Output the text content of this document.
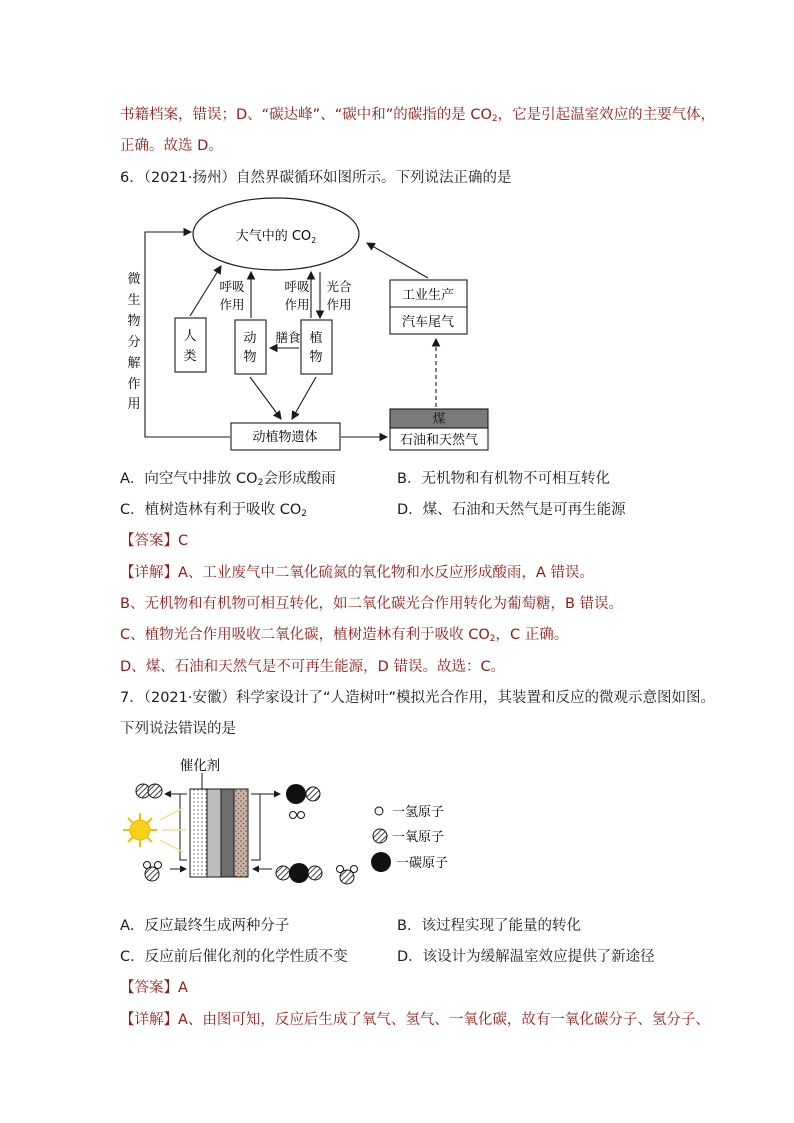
书籍档案，错误；D、“碳达峰”、“碳中和”的碳指的是 $CO_2$，它是引起温室效应的主要气体，
正确。故选 D。
6．（2021·扬州）自然界碳循环如图所示。下列说法正确的是
大气中的 $CO_2$
微生物分解作用
人类
呼吸作用
动物
呼吸作用
光合作用
植物
膳食
动植物遗体
煤
石油和天然气
工业生产
汽车尾气
A．向空气中排放 $CO_2$会形成酸雨	B．无机物和有机物不可相互转化
C．植树造林有利于吸收 $CO_2$	D．煤、石油和天然气是可再生能源
【答案】C
【详解】A、工业废气中二氧化硫氮的氧化物和水反应形成酸雨，A 错误。
B、无机物和有机物可相互转化，如二氧化碳光合作用转化为葡萄糖，B 错误。
C、植物光合作用吸收二氧化碳，植树造林有利于吸收 $CO_2$，C 正确。
D、煤、石油和天然气是不可再生能源，D 错误。故选：C。
7．（2021·安徽）科学家设计了“人造树叶”模拟光合作用，其装置和反应的微观示意图如图。
下列说法错误的是
催化剂
一氢原子
一氧原子
一碳原子
A．反应最终生成两种分子	B．该过程实现了能量的转化
C．反应前后催化剂的化学性质不变	D．该设计为缓解温室效应提供了新途径
【答案】A
【详解】A、由图可知，反应后生成了氧气、氢气、一氧化碳，故有一氧化碳分子、氢分子、
